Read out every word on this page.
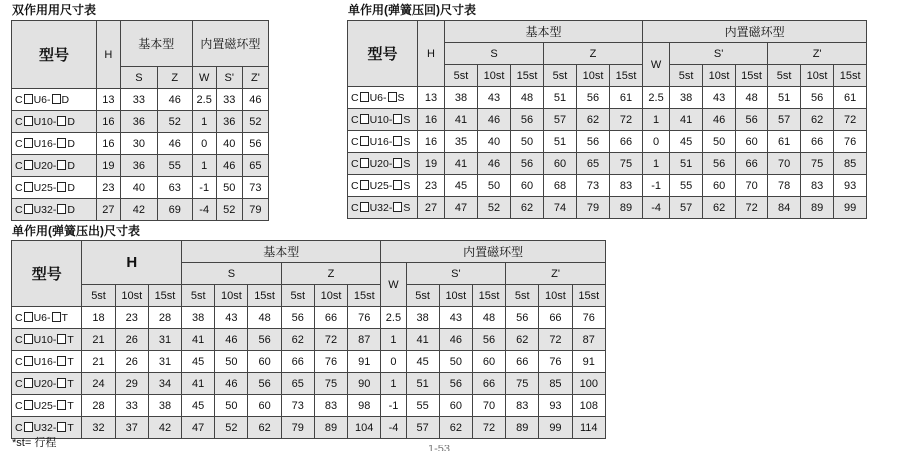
双作用用尺寸表
型号	H	基本型		内置磁环型		
		S	Z	W	S'	Z'
C U6- D	13	33	46	2.5	33	46
C U10- D	16	36	52	1	36	52
C U16- D	16	30	46	0	40	56
C U20- D	19	36	55	1	46	65
C U25- D	23	40	63	-1	50	73
C U32- D	27	42	69	-4	52	79
单作用(弹簧压回)尺寸表
型号	H	基本型						内置磁环型						
		S			Z			W	S'			Z'		
		5st	10st	15st	5st	10st	15st		5st	10st	15st	5st	10st	15st
C U6- S	13	38	43	48	51	56	61	2.5	38	43	48	51	56	61
C U10- S	16	41	46	56	57	62	72	1	41	46	56	57	62	72
C U16- S	16	35	40	50	51	56	66	0	45	50	60	61	66	76
C U20- S	19	41	46	56	60	65	75	1	51	56	66	70	75	85
C U25- S	23	45	50	60	68	73	83	-1	55	60	70	78	83	93
C U32- S	27	47	52	62	74	79	89	-4	57	62	72	84	89	99
单作用(弹簧压出)尺寸表
型号	H			基本型						内置磁环型						
				S			Z			W	S'			Z'		
	5st	10st	15st	5st	10st	15st	5st	10st	15st		5st	10st	15st	5st	10st	15st
C U6- T	18	23	28	38	43	48	56	66	76	2.5	38	43	48	56	66	76
C U10- T	21	26	31	41	46	56	62	72	87	1	41	46	56	62	72	87
C U16- T	21	26	31	45	50	60	66	76	91	0	45	50	60	66	76	91
C U20- T	24	29	34	41	46	56	65	75	90	1	51	56	66	75	85	100
C U25- T	28	33	38	45	50	60	73	83	98	-1	55	60	70	83	93	108
C U32- T	32	37	42	47	52	62	79	89	104	-4	57	62	72	89	99	114
*st= 行程	1-53
